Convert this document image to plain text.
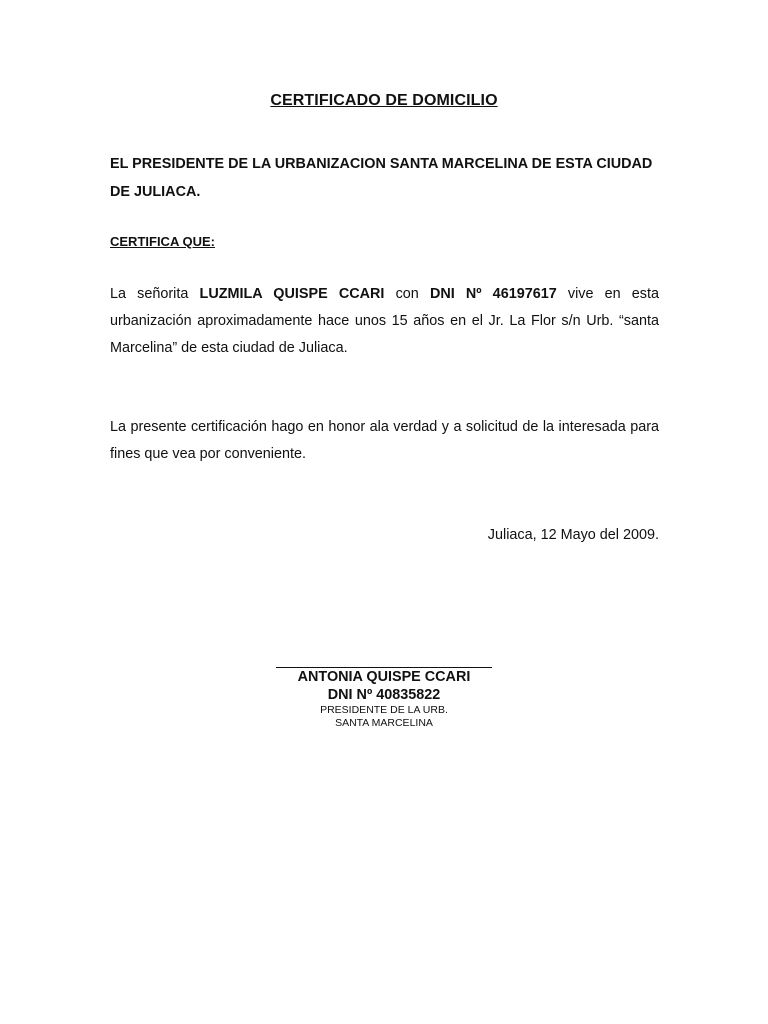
CERTIFICADO DE DOMICILIO
EL PRESIDENTE DE LA URBANIZACION SANTA MARCELINA DE ESTA CIUDAD DE JULIACA.
CERTIFICA QUE:
La señorita LUZMILA QUISPE CCARI con DNI Nº 46197617 vive en esta urbanización aproximadamente hace unos 15 años en el Jr. La Flor s/n Urb. “santa Marcelina” de esta ciudad de Juliaca.
La presente certificación hago en honor ala verdad y a solicitud de la interesada para fines que vea por conveniente.
Juliaca, 12 Mayo del 2009.
ANTONIA QUISPE CCARI
DNI Nº 40835822
PRESIDENTE DE LA URB.
SANTA MARCELINA
